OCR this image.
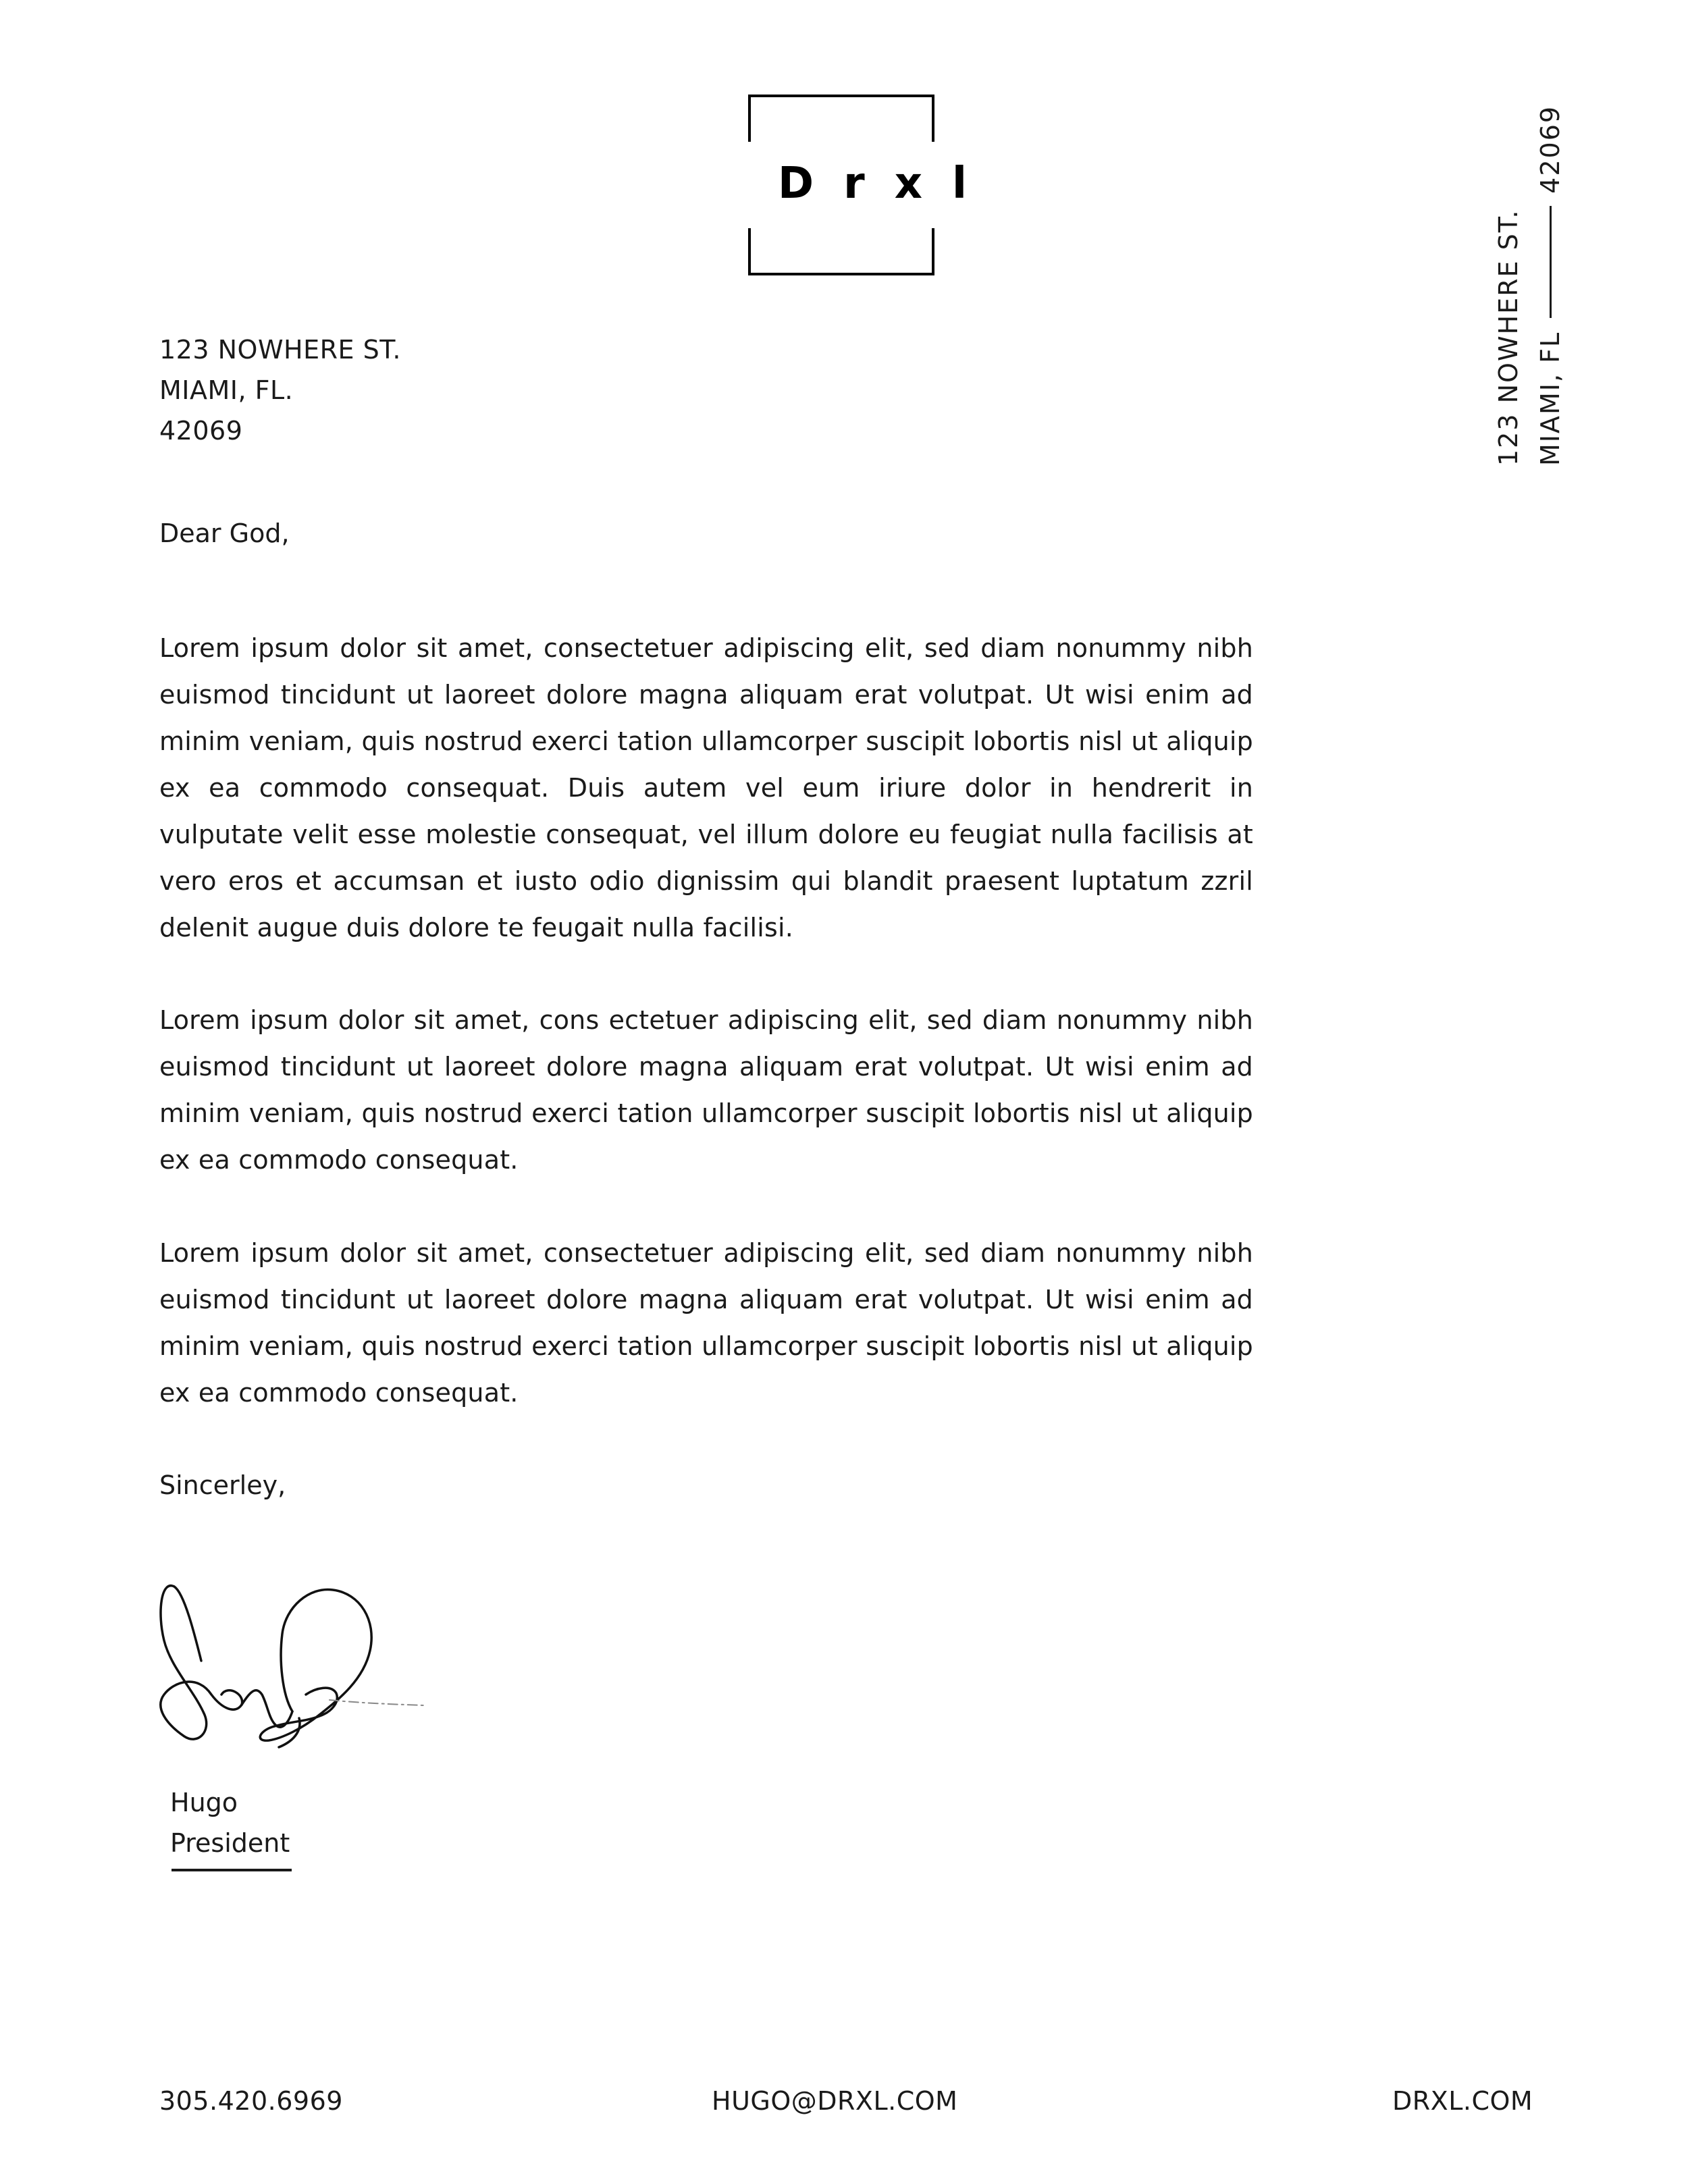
Drxl
123 NOWHERE ST. MIAMI, FL
42069
123 NOWHERE ST.
MIAMI, FL.
42069
Dear God,
Lorem ipsum dolor sit amet, consectetuer adipiscing elit, sed diam nonummy nibh euismod tincidunt ut laoreet dolore magna aliquam erat volutpat. Ut wisi enim ad minim veniam, quis nostrud exerci tation ullamcorper suscipit lobortis nisl ut aliquip ex ea commodo consequat. Duis autem vel eum iriure dolor in hendrerit in vulputate velit esse molestie consequat, vel illum dolore eu feugiat nulla facilisis at vero eros et accumsan et iusto odio dignissim qui blandit praesent luptatum zzril delenit augue duis dolore te feugait nulla facilisi.
Lorem ipsum dolor sit amet, cons ectetuer adipiscing elit, sed diam nonummy nibh euismod tincidunt ut laoreet dolore magna aliquam erat volutpat. Ut wisi enim ad minim veniam, quis nostrud exerci tation ullamcorper suscipit lobortis nisl ut aliquip ex ea commodo consequat.
Lorem ipsum dolor sit amet, consectetuer adipiscing elit, sed diam nonummy nibh euismod tincidunt ut laoreet dolore magna aliquam erat volutpat. Ut wisi enim ad minim veniam, quis nostrud exerci tation ullamcorper suscipit lobortis nisl ut aliquip ex ea commodo consequat.
Sincerley,
Hugo
President
305.420.6969	HUGO@DRXL.COM	DRXL.COM
